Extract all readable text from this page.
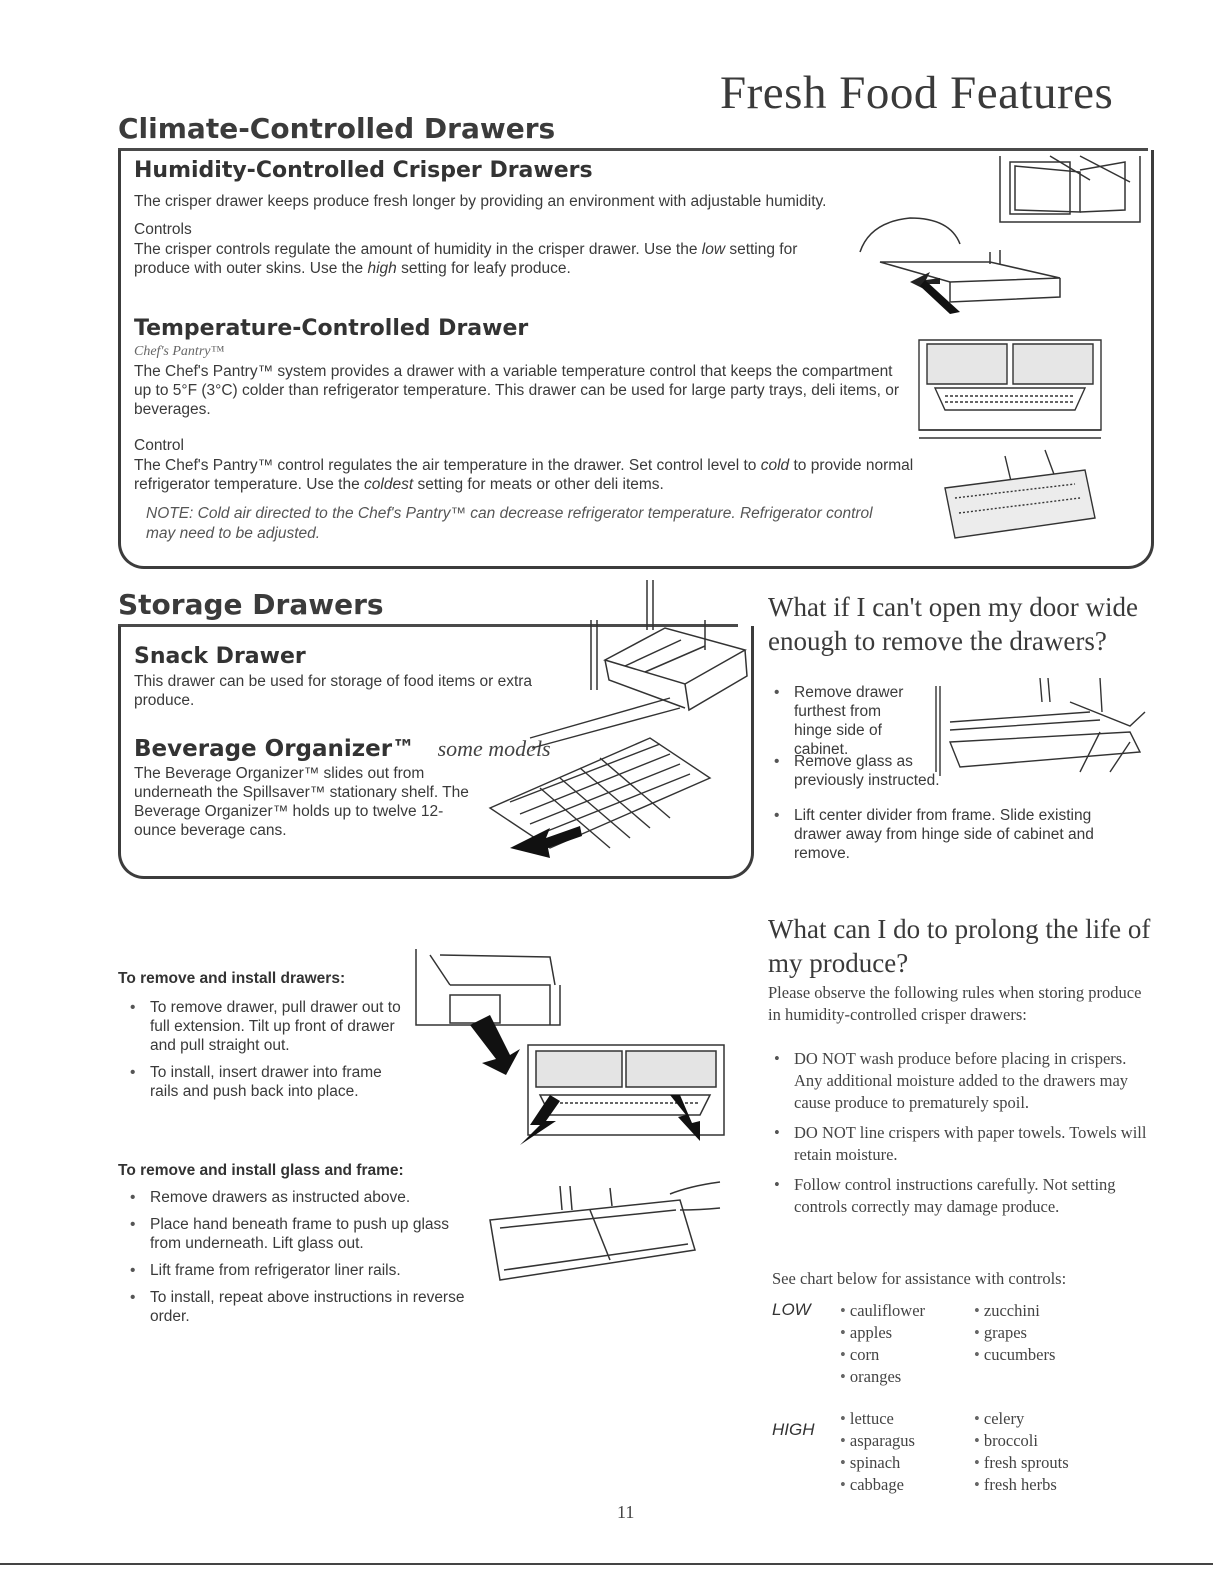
Fresh Food Features
Climate-Controlled Drawers
Humidity-Controlled Crisper Drawers
The crisper drawer keeps produce fresh longer by providing an environment with adjustable humidity.
Controls
The crisper controls regulate the amount of humidity in the crisper drawer. Use the low setting for produce with outer skins. Use the high setting for leafy produce.
Temperature-Controlled Drawer
Chef's Pantry™
The Chef's Pantry™ system provides a drawer with a variable temperature control that keeps the compartment up to 5°F (3°C) colder than refrigerator temperature. This drawer can be used for large party trays, deli items, or beverages.
Control
The Chef's Pantry™ control regulates the air temperature in the drawer. Set control level to cold to provide normal refrigerator temperature. Use the coldest setting for meats or other deli items.
NOTE: Cold air directed to the Chef's Pantry™ can decrease refrigerator temperature. Refrigerator control may need to be adjusted.
Storage Drawers
Snack Drawer
This drawer can be used for storage of food items or extra produce.
Beverage Organizer™ some models
The Beverage Organizer™ slides out from underneath the Spillsaver™ stationary shelf. The Beverage Organizer™ holds up to twelve 12-ounce beverage cans.
What if I can't open my door wide enough to remove the drawers?
• Remove drawer furthest from hinge side of cabinet.
• Remove glass as previously instructed.
• Lift center divider from frame. Slide existing drawer away from hinge side of cabinet and remove.
To remove and install drawers:
• To remove drawer, pull drawer out to full extension. Tilt up front of drawer and pull straight out.
• To install, insert drawer into frame rails and push back into place.
To remove and install glass and frame:
• Remove drawers as instructed above.
• Place hand beneath frame to push up glass from underneath. Lift glass out.
• Lift frame from refrigerator liner rails.
• To install, repeat above instructions in reverse order.
What can I do to prolong the life of my produce?
Please observe the following rules when storing produce in humidity-controlled crisper drawers:
• DO NOT wash produce before placing in crispers. Any additional moisture added to the drawers may cause produce to prematurely spoil.
• DO NOT line crispers with paper towels. Towels will retain moisture.
• Follow control instructions carefully. Not setting controls correctly may damage produce.
See chart below for assistance with controls:
LOW
•	cauliflower
• apples
• corn
• oranges
• zucchini
• grapes
• cucumbers
HIGH
• lettuce
• asparagus
• spinach
• cabbage
• celery
• broccoli
• fresh sprouts
• fresh herbs
11
